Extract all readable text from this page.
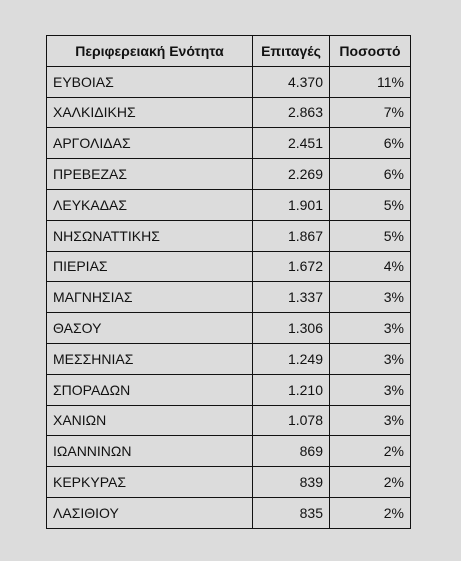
Περιφερειακή Ενότητα	Επιταγές	Ποσοστό
ΕΥΒΟΙΑΣ	4.370	11%
ΧΑΛΚΙΔΙΚΗΣ	2.863	7%
ΑΡΓΟΛΙΔΑΣ	2.451	6%
ΠΡΕΒΕΖΑΣ	2.269	6%
ΛΕΥΚΑΔΑΣ	1.901	5%
ΝΗΣΩΝΑΤΤΙΚΗΣ	1.867	5%
ΠΙΕΡΙΑΣ	1.672	4%
ΜΑΓΝΗΣΙΑΣ	1.337	3%
ΘΑΣΟΥ	1.306	3%
ΜΕΣΣΗΝΙΑΣ	1.249	3%
ΣΠΟΡΑΔΩΝ	1.210	3%
ΧΑΝΙΩΝ	1.078	3%
ΙΩΑΝΝΙΝΩΝ	869	2%
ΚΕΡΚΥΡΑΣ	839	2%
ΛΑΣΙΘΙΟΥ	835	2%
